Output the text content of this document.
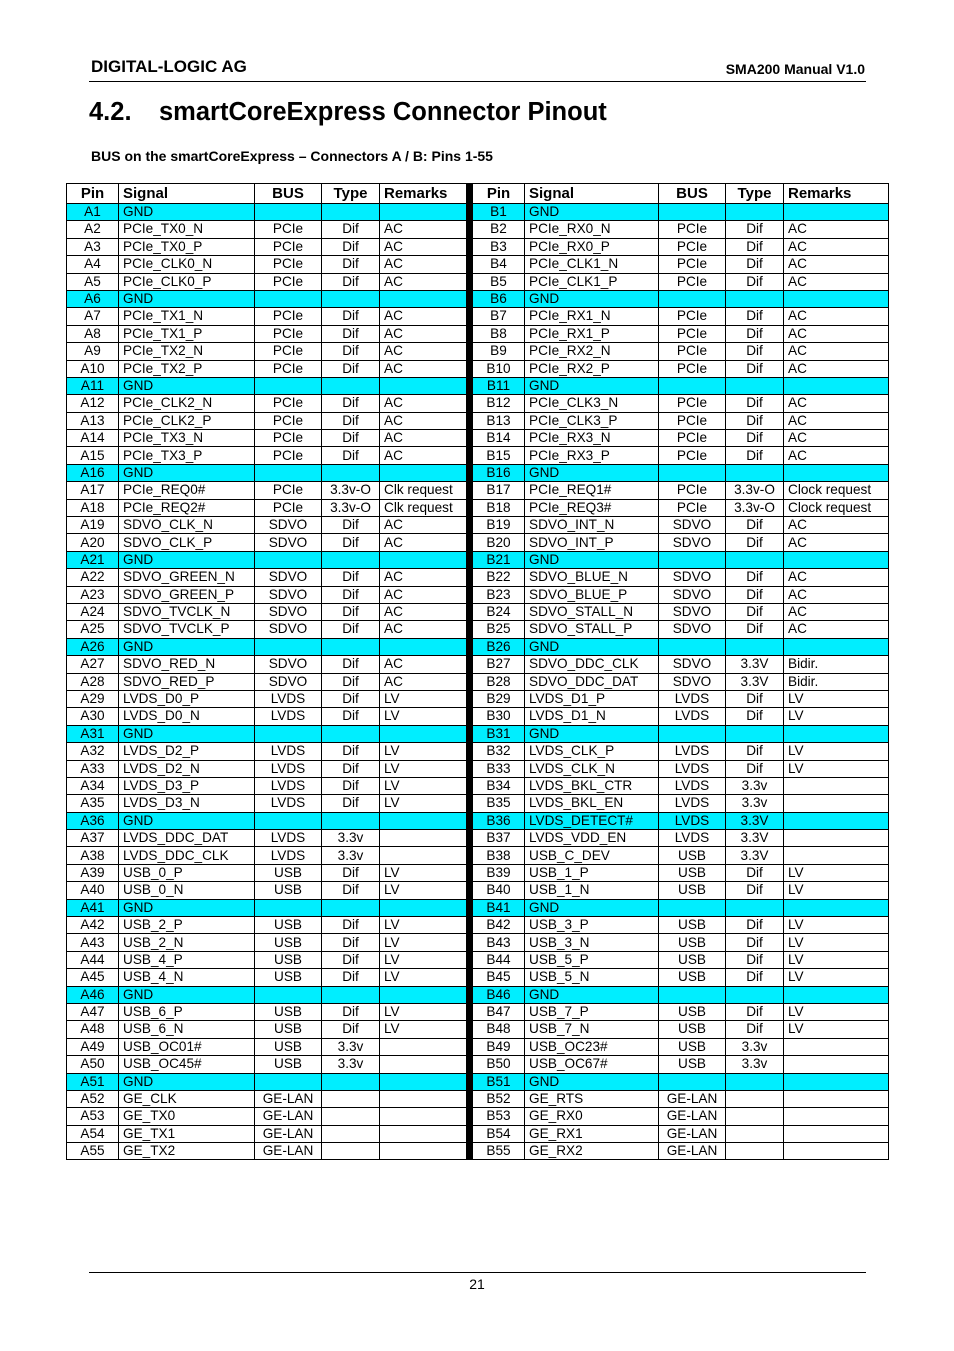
DIGITAL-LOGIC AG	SMA200 Manual V1.0
4.2. smartCoreExpress Connector Pinout
BUS on the smartCoreExpress – Connectors A / B: Pins 1-55
Pin	Signal	BUS	Type	Remarks		Pin	Signal	BUS	Type	Remarks
A1	GND					B1	GND			
A2	PCIe_TX0_N	PCIe	Dif	AC		B2	PCIe_RX0_N	PCIe	Dif	AC
A3	PCIe_TX0_P	PCIe	Dif	AC		B3	PCIe_RX0_P	PCIe	Dif	AC
A4	PCIe_CLK0_N	PCIe	Dif	AC		B4	PCIe_CLK1_N	PCIe	Dif	AC
A5	PCIe_CLK0_P	PCIe	Dif	AC		B5	PCIe_CLK1_P	PCIe	Dif	AC
A6	GND					B6	GND			
A7	PCIe_TX1_N	PCIe	Dif	AC		B7	PCIe_RX1_N	PCIe	Dif	AC
A8	PCIe_TX1_P	PCIe	Dif	AC		B8	PCIe_RX1_P	PCIe	Dif	AC
A9	PCIe_TX2_N	PCIe	Dif	AC		B9	PCIe_RX2_N	PCIe	Dif	AC
A10	PCIe_TX2_P	PCIe	Dif	AC		B10	PCIe_RX2_P	PCIe	Dif	AC
A11	GND					B11	GND			
A12	PCIe_CLK2_N	PCIe	Dif	AC		B12	PCIe_CLK3_N	PCIe	Dif	AC
A13	PCIe_CLK2_P	PCIe	Dif	AC		B13	PCIe_CLK3_P	PCIe	Dif	AC
A14	PCIe_TX3_N	PCIe	Dif	AC		B14	PCIe_RX3_N	PCIe	Dif	AC
A15	PCIe_TX3_P	PCIe	Dif	AC		B15	PCIe_RX3_P	PCIe	Dif	AC
A16	GND					B16	GND			
A17	PCIe_REQ0#	PCIe	3.3v-O	Clk request		B17	PCIe_REQ1#	PCIe	3.3v-O	Clock request
A18	PCIe_REQ2#	PCIe	3.3v-O	Clk request		B18	PCIe_REQ3#	PCIe	3.3v-O	Clock request
A19	SDVO_CLK_N	SDVO	Dif	AC		B19	SDVO_INT_N	SDVO	Dif	AC
A20	SDVO_CLK_P	SDVO	Dif	AC		B20	SDVO_INT_P	SDVO	Dif	AC
A21	GND					B21	GND			
A22	SDVO_GREEN_N	SDVO	Dif	AC		B22	SDVO_BLUE_N	SDVO	Dif	AC
A23	SDVO_GREEN_P	SDVO	Dif	AC		B23	SDVO_BLUE_P	SDVO	Dif	AC
A24	SDVO_TVCLK_N	SDVO	Dif	AC		B24	SDVO_STALL_N	SDVO	Dif	AC
A25	SDVO_TVCLK_P	SDVO	Dif	AC		B25	SDVO_STALL_P	SDVO	Dif	AC
A26	GND					B26	GND			
A27	SDVO_RED_N	SDVO	Dif	AC		B27	SDVO_DDC_CLK	SDVO	3.3V	Bidir.
A28	SDVO_RED_P	SDVO	Dif	AC		B28	SDVO_DDC_DAT	SDVO	3.3V	Bidir.
A29	LVDS_D0_P	LVDS	Dif	LV		B29	LVDS_D1_P	LVDS	Dif	LV
A30	LVDS_D0_N	LVDS	Dif	LV		B30	LVDS_D1_N	LVDS	Dif	LV
A31	GND					B31	GND			
A32	LVDS_D2_P	LVDS	Dif	LV		B32	LVDS_CLK_P	LVDS	Dif	LV
A33	LVDS_D2_N	LVDS	Dif	LV		B33	LVDS_CLK_N	LVDS	Dif	LV
A34	LVDS_D3_P	LVDS	Dif	LV		B34	LVDS_BKL_CTR	LVDS	3.3v	
A35	LVDS_D3_N	LVDS	Dif	LV		B35	LVDS_BKL_EN	LVDS	3.3v	
A36	GND					B36	LVDS_DETECT#	LVDS	3.3V	
A37	LVDS_DDC_DAT	LVDS	3.3v			B37	LVDS_VDD_EN	LVDS	3.3V	
A38	LVDS_DDC_CLK	LVDS	3.3v			B38	USB_C_DEV	USB	3.3V	
A39	USB_0_P	USB	Dif	LV		B39	USB_1_P	USB	Dif	LV
A40	USB_0_N	USB	Dif	LV		B40	USB_1_N	USB	Dif	LV
A41	GND					B41	GND			
A42	USB_2_P	USB	Dif	LV		B42	USB_3_P	USB	Dif	LV
A43	USB_2_N	USB	Dif	LV		B43	USB_3_N	USB	Dif	LV
A44	USB_4_P	USB	Dif	LV		B44	USB_5_P	USB	Dif	LV
A45	USB_4_N	USB	Dif	LV		B45	USB_5_N	USB	Dif	LV
A46	GND					B46	GND			
A47	USB_6_P	USB	Dif	LV		B47	USB_7_P	USB	Dif	LV
A48	USB_6_N	USB	Dif	LV		B48	USB_7_N	USB	Dif	LV
A49	USB_OC01#	USB	3.3v			B49	USB_OC23#	USB	3.3v	
A50	USB_OC45#	USB	3.3v			B50	USB_OC67#	USB	3.3v	
A51	GND					B51	GND			
A52	GE_CLK	GE-LAN				B52	GE_RTS	GE-LAN		
A53	GE_TX0	GE-LAN				B53	GE_RX0	GE-LAN		
A54	GE_TX1	GE-LAN				B54	GE_RX1	GE-LAN		
A55	GE_TX2	GE-LAN				B55	GE_RX2	GE-LAN		
21
